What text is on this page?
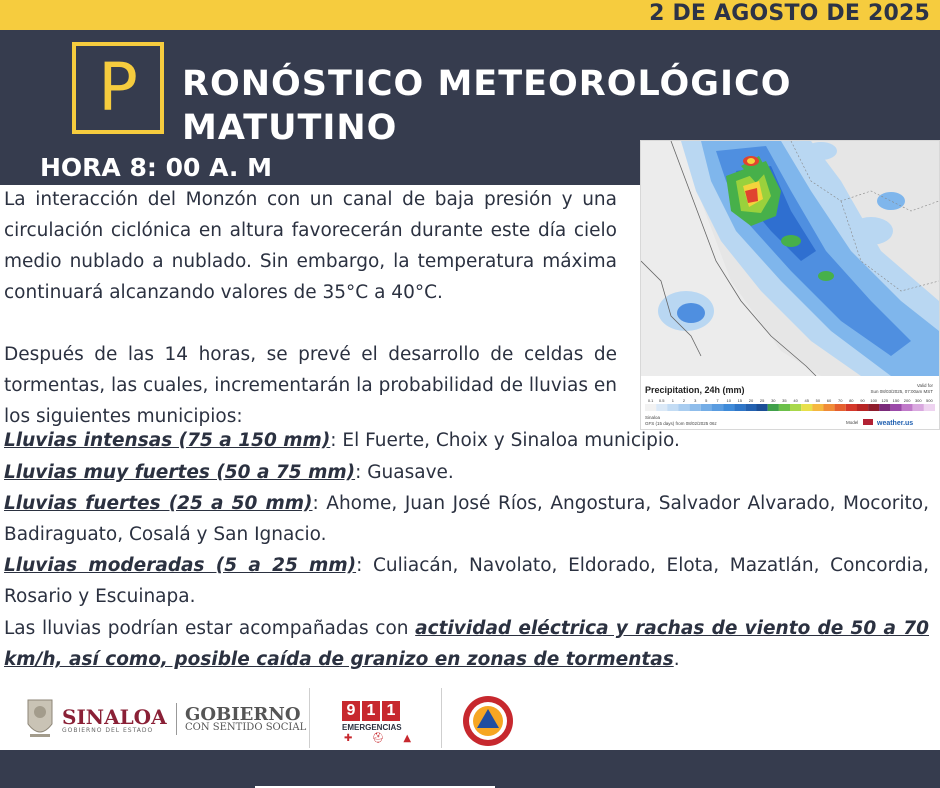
2 DE AGOSTO DE 2025
P	RONÓSTICO METEOROLÓGICO
MATUTINO
HORA 8: 00 A. M
Precipitation, 24h (mm)	Valid for
Sun 08/03/2025, 07:00am MST
0.1 0.5 1 2 3 5 7 10 15 20 25 30 35 40 45 50 60 70 80 90 100 125 150 200 300 500
Sinaloa
GFS (15 days) from 08/02/2025 06z	Model	weather.us

La interacción del Monzón con un canal de baja presión y una circulación ciclónica en altura favorecerán durante este día cielo medio nublado a nublado. Sin embargo, la temperatura máxima continuará alcanzando valores de 35°C a 40°C.

Después de las 14 horas, se prevé el desarrollo de celdas de tormentas, las cuales, incrementarán la probabilidad de lluvias en los siguientes municipios:

Lluvias intensas (75 a 150 mm): El Fuerte, Choix y Sinaloa municipio.

Lluvias muy fuertes (50 a 75 mm): Guasave.

Lluvias fuertes (25 a 50 mm): Ahome, Juan José Ríos, Angostura, Salvador Alvarado, Mocorito, Badiraguato, Cosalá y San Ignacio.

Lluvias moderadas (5 a 25 mm): Culiacán, Navolato, Eldorado, Elota, Mazatlán, Concordia, Rosario y Escuinapa.

Las lluvias podrían estar acompañadas con actividad eléctrica y rachas de viento de 50 a 70 km/h, así como, posible caída de granizo en zonas de tormentas.

SINALOA
GOBIERNO DEL ESTADO
GOBIERNO
CON SENTIDO SOCIAL
9 1 1
EMERGENCIAS
✚ ⛑ ▲
